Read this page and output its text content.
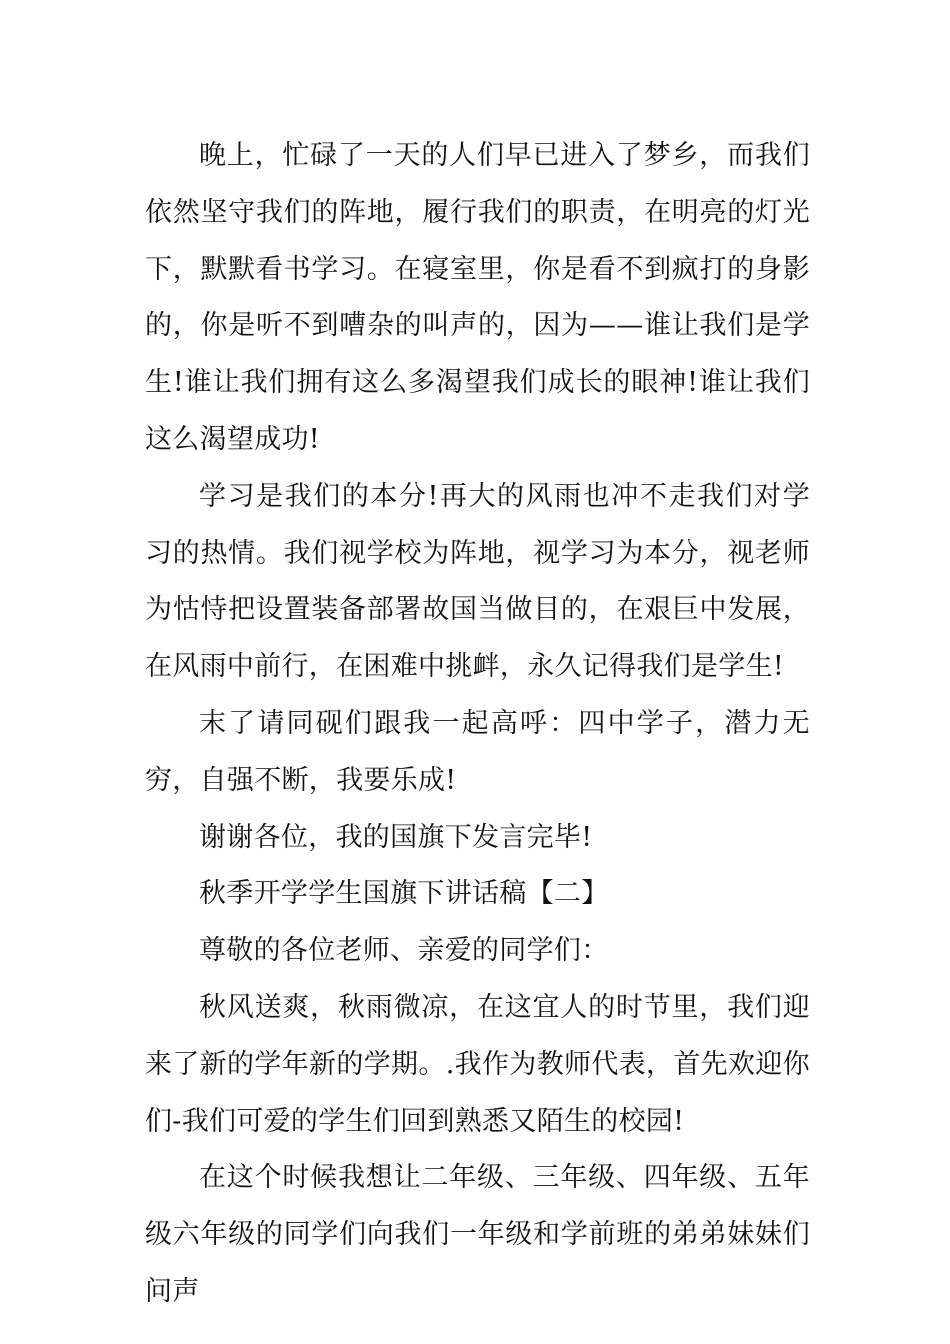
晚上，忙碌了一天的人们早已进入了梦乡，而我们依然坚守我们的阵地，履行我们的职责，在明亮的灯光下，默默看书学习。在寝室里，你是看不到疯打的身影的，你是听不到嘈杂的叫声的，因为——谁让我们是学生!谁让我们拥有这么多渴望我们成长的眼神!谁让我们这么渴望成功!

学习是我们的本分!再大的风雨也冲不走我们对学习的热情。我们视学校为阵地，视学习为本分，视老师为怙恃把设置装备部署故国当做目的，在艰巨中发展，在风雨中前行，在困难中挑衅，永久记得我们是学生!

末了请同砚们跟我一起高呼：四中学子，潜力无穷，自强不断，我要乐成!

谢谢各位，我的国旗下发言完毕!

秋季开学学生国旗下讲话稿【二】

尊敬的各位老师、亲爱的同学们：

秋风送爽，秋雨微凉，在这宜人的时节里，我们迎来了新的学年新的学期。.我作为教师代表，首先欢迎你们-我们可爱的学生们回到熟悉又陌生的校园!

在这个时候我想让二年级、三年级、四年级、五年级六年级的同学们向我们一年级和学前班的弟弟妹妹们问声
